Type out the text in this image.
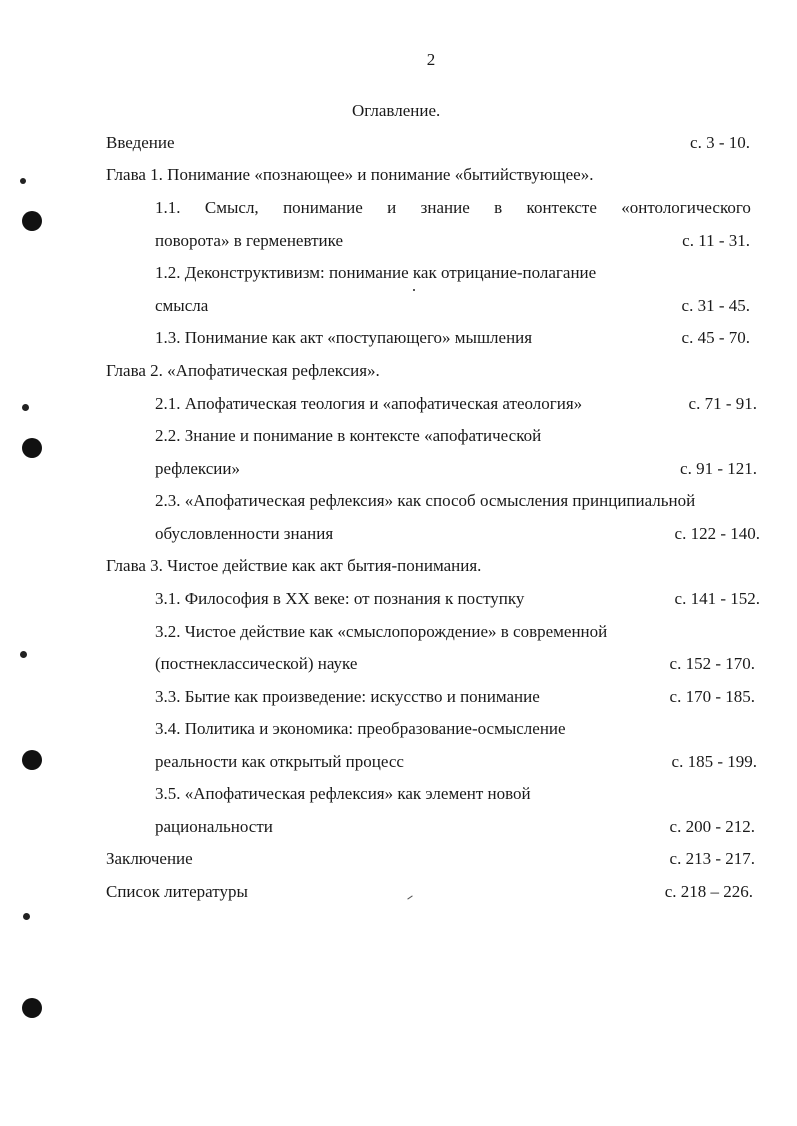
2
Оглавление.
Введение	с. 3 - 10.
Глава 1. Понимание «познающее» и понимание «бытийствующее».
1.1. Смысл, понимание и знание в контексте «онтологического
поворота» в герменевтике	с. 11 - 31.
1.2. Деконструктивизм: понимание как отрицание-полагание
смысла	с. 31 - 45.
1.3. Понимание как акт «поступающего» мышления	с. 45 - 70.
Глава 2. «Апофатическая рефлексия».
2.1. Апофатическая теология и «апофатическая атеология»	с. 71 - 91.
2.2. Знание и понимание в контексте «апофатической
рефлексии»	с. 91 - 121.
2.3. «Апофатическая рефлексия» как способ осмысления принципиальной
обусловленности знания	с. 122 - 140.
Глава 3. Чистое действие как акт бытия-понимания.
3.1. Философия в XX веке: от познания к поступку	с. 141 - 152.
3.2. Чистое действие как «смыслопорождение» в современной
(постнеклассической) науке	с. 152 - 170.
3.3. Бытие как произведение: искусство и понимание	с. 170 - 185.
3.4. Политика и экономика: преобразование-осмысление
реальности как открытый процесс	с. 185 - 199.
3.5. «Апофатическая рефлексия» как элемент новой
рациональности	с. 200 - 212.
Заключение	с. 213 - 217.
Список литературы	с. 218 – 226.
